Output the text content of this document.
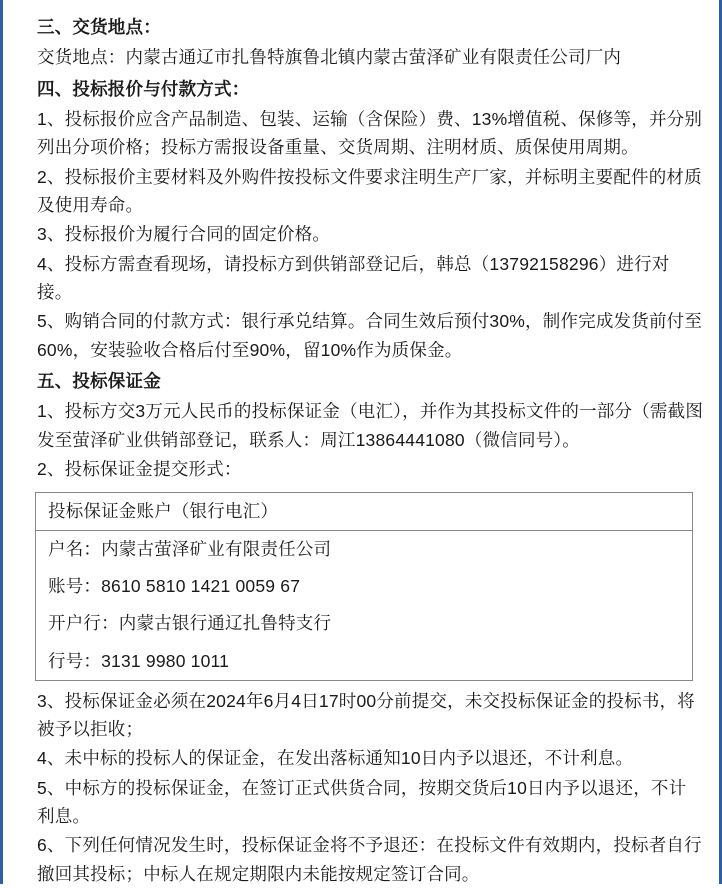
三、交货地点：
交货地点：内蒙古通辽市扎鲁特旗鲁北镇内蒙古萤泽矿业有限责任公司厂内
四、投标报价与付款方式：
1、投标报价应含产品制造、包装、运输（含保险）费、13%增值税、保修等，并分别列出分项价格；投标方需报设备重量、交货周期、注明材质、质保使用周期。
2、投标报价主要材料及外购件按投标文件要求注明生产厂家，并标明主要配件的材质及使用寿命。
3、投标报价为履行合同的固定价格。
4、投标方需查看现场，请投标方到供销部登记后，韩总（13792158296）进行对接。
5、购销合同的付款方式：银行承兑结算。合同生效后预付30%，制作完成发货前付至60%，安装验收合格后付至90%，留10%作为质保金。
五、投标保证金
1、投标方交3万元人民币的投标保证金（电汇），并作为其投标文件的一部分（需截图发至萤泽矿业供销部登记，联系人：周江13864441080（微信同号）。
2、投标保证金提交形式：
投标保证金账户（银行电汇）
户名：内蒙古萤泽矿业有限责任公司
账号：8610 5810 1421 0059 67
开户行：内蒙古银行通辽扎鲁特支行
行号：3131 9980 1011
3、投标保证金必须在2024年6月4日17时00分前提交，未交投标保证金的投标书，将被予以拒收；
4、未中标的投标人的保证金，在发出落标通知10日内予以退还，不计利息。
5、中标方的投标保证金，在签订正式供货合同，按期交货后10日内予以退还，不计利息。
6、下列任何情况发生时，投标保证金将不予退还：在投标文件有效期内，投标者自行撤回其投标；中标人在规定期限内未能按规定签订合同。
